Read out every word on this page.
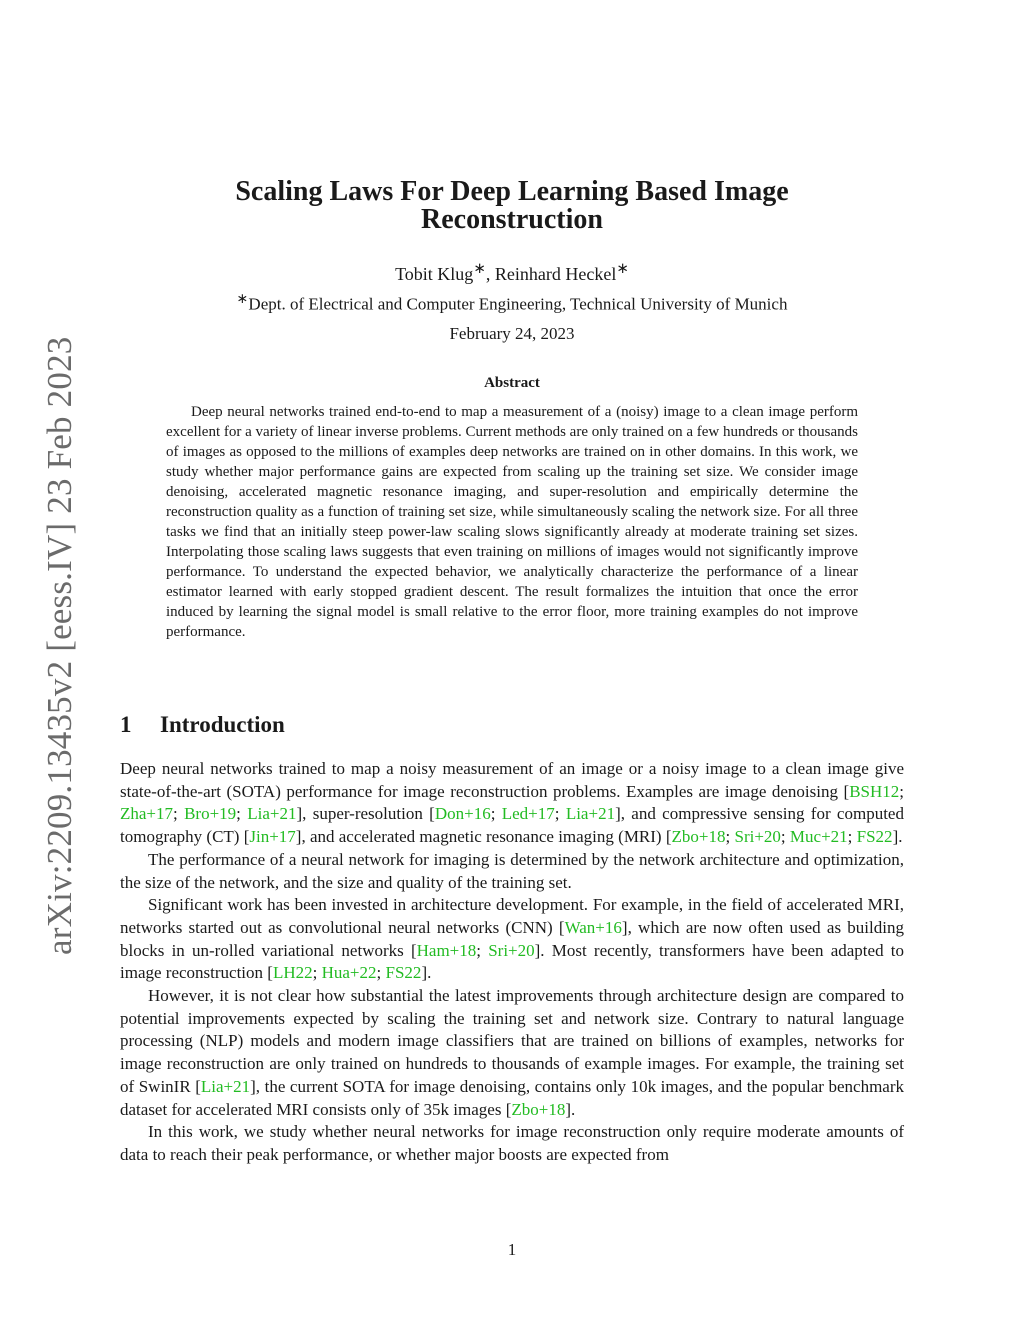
arXiv:2209.13435v2 [eess.IV] 23 Feb 2023
Scaling Laws For Deep Learning Based Image
Reconstruction
Tobit Klug∗, Reinhard Heckel∗
∗Dept. of Electrical and Computer Engineering, Technical University of Munich
February 24, 2023
Abstract
Deep neural networks trained end-to-end to map a measurement of a (noisy) image to a clean image perform excellent for a variety of linear inverse problems. Current methods are only trained on a few hundreds or thousands of images as opposed to the millions of examples deep networks are trained on in other domains. In this work, we study whether major performance gains are expected from scaling up the training set size. We consider image denoising, accelerated magnetic resonance imaging, and super-resolution and empirically determine the reconstruction quality as a function of training set size, while simultaneously scaling the network size. For all three tasks we find that an initially steep power-law scaling slows significantly already at moderate training set sizes. Interpolating those scaling laws suggests that even training on millions of images would not significantly improve performance. To understand the expected behavior, we analytically characterize the performance of a linear estimator learned with early stopped gradient descent. The result formalizes the intuition that once the error induced by learning the signal model is small relative to the error floor, more training examples do not improve performance.
1 Introduction

Deep neural networks trained to map a noisy measurement of an image or a noisy image to a clean image give state-of-the-art (SOTA) performance for image reconstruction problems. Examples are image denoising [BSH12; Zha+17; Bro+19; Lia+21], super-resolution [Don+16; Led+17; Lia+21], and compressive sensing for computed tomography (CT) [Jin+17], and accelerated magnetic resonance imaging (MRI) [Zbo+18; Sri+20; Muc+21; FS22].

The performance of a neural network for imaging is determined by the network architecture and optimization, the size of the network, and the size and quality of the training set.

Significant work has been invested in architecture development. For example, in the field of accelerated MRI, networks started out as convolutional neural networks (CNN) [Wan+16], which are now often used as building blocks in un-rolled variational networks [Ham+18; Sri+20]. Most recently, transformers have been adapted to image reconstruction [LH22; Hua+22; FS22].

However, it is not clear how substantial the latest improvements through architecture design are compared to potential improvements expected by scaling the training set and network size. Contrary to natural language processing (NLP) models and modern image classifiers that are trained on billions of examples, networks for image reconstruction are only trained on hundreds to thousands of example images. For example, the training set of SwinIR [Lia+21], the current SOTA for image denoising, contains only 10k images, and the popular benchmark dataset for accelerated MRI consists only of 35k images [Zbo+18].

In this work, we study whether neural networks for image reconstruction only require moderate amounts of data to reach their peak performance, or whether major boosts are expected from

1
